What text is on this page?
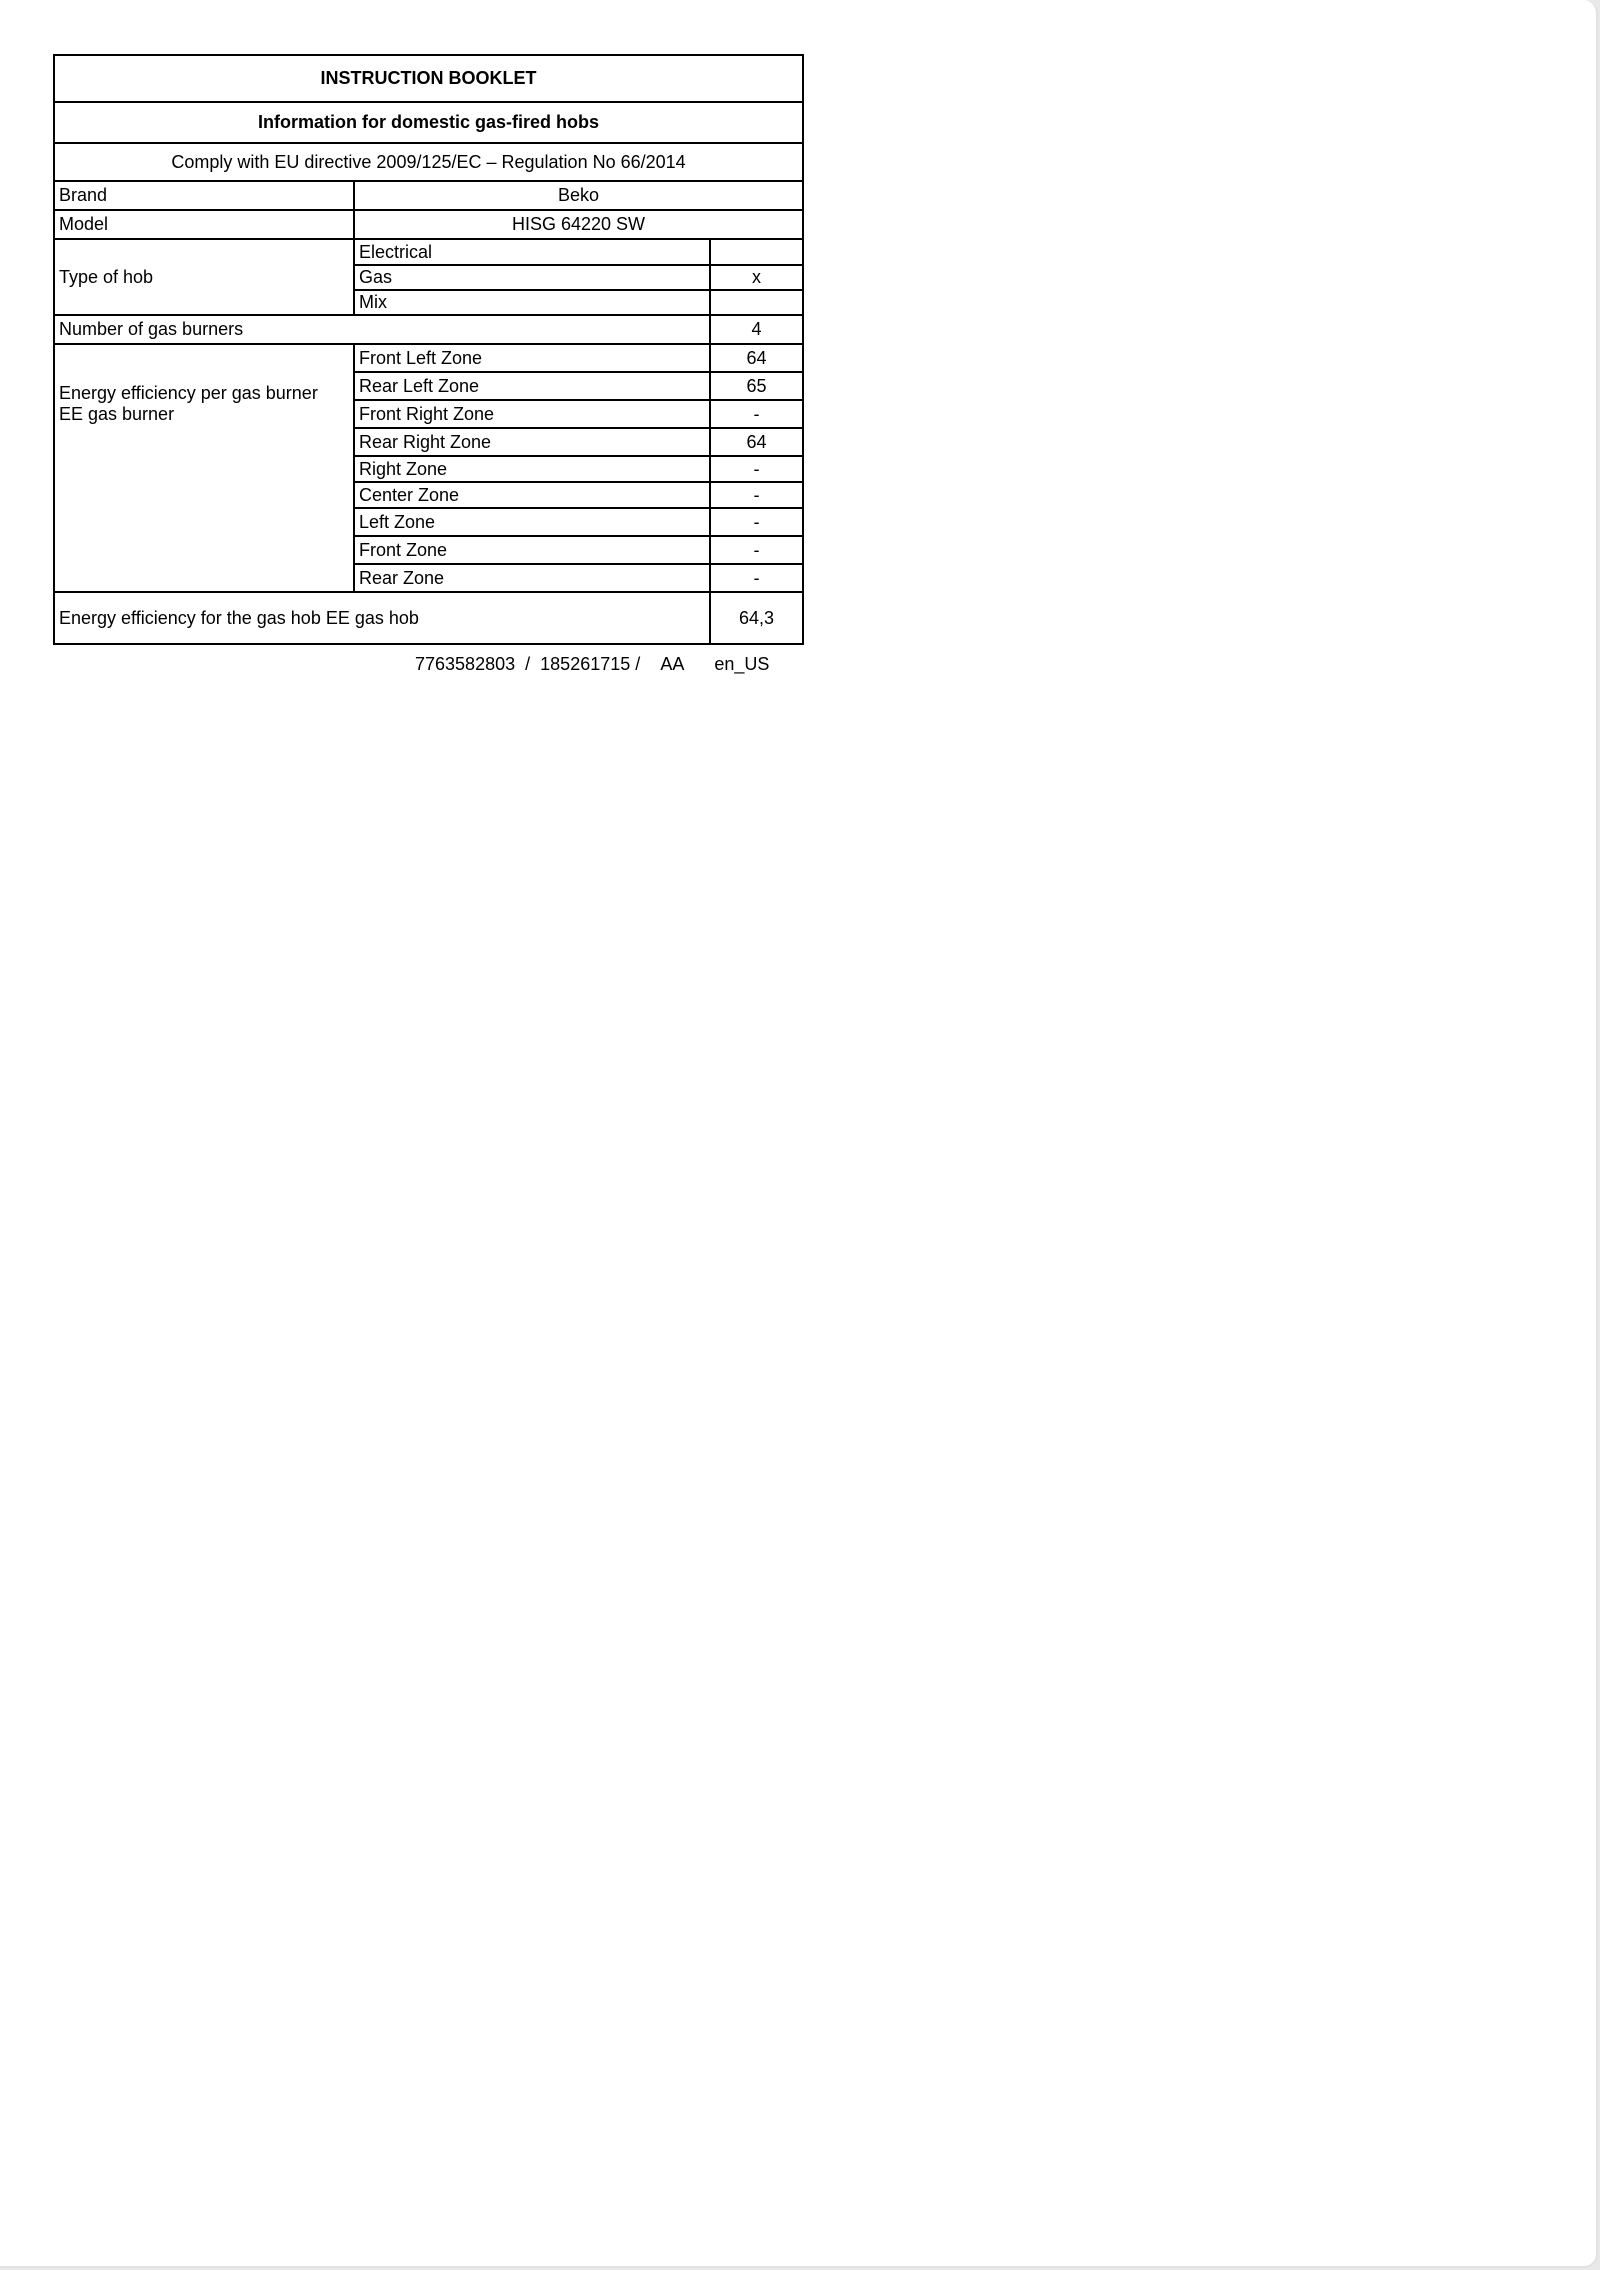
INSTRUCTION BOOKLET		
Information for domestic gas-fired hobs		
Comply with EU directive 2009/125/EC – Regulation No 66/2014		
Brand	Beko	
Model	HISG 64220 SW	
Type of hob	Electrical	
	Gas	x
	Mix	
Number of gas burners		4

Energy efficiency per gas burner
EE gas burner	Front Left Zone	64
	Rear Left Zone	65
	Front Right Zone	-
	Rear Right Zone	64
	Right Zone	-
	Center Zone	-
	Left Zone	-
	Front Zone	-
	Rear Zone	-
Energy efficiency for the gas hob EE gas hob		64,3
7763582803 / 185261715 / AA en_US
